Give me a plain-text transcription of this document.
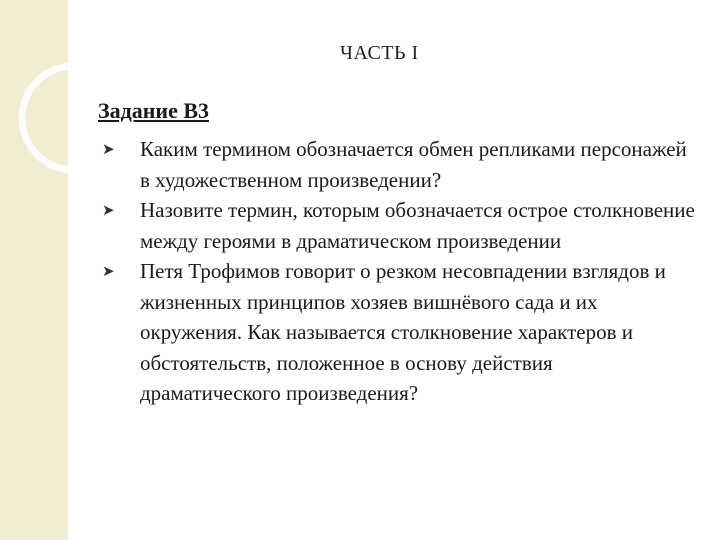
ЧАСТЬ I
Задание В3
➤ Каким термином обозначается обмен репликами персонажей в художественном произведении?
➤ Назовите термин, которым обозначается острое столкновение между героями в драматическом произведении
➤ Петя Трофимов говорит о резком несовпадении взглядов и жизненных принципов хозяев вишнёвого сада и их окружения. Как называется столкновение характеров и обстоятельств, положенное в основу действия драматического произведения?
